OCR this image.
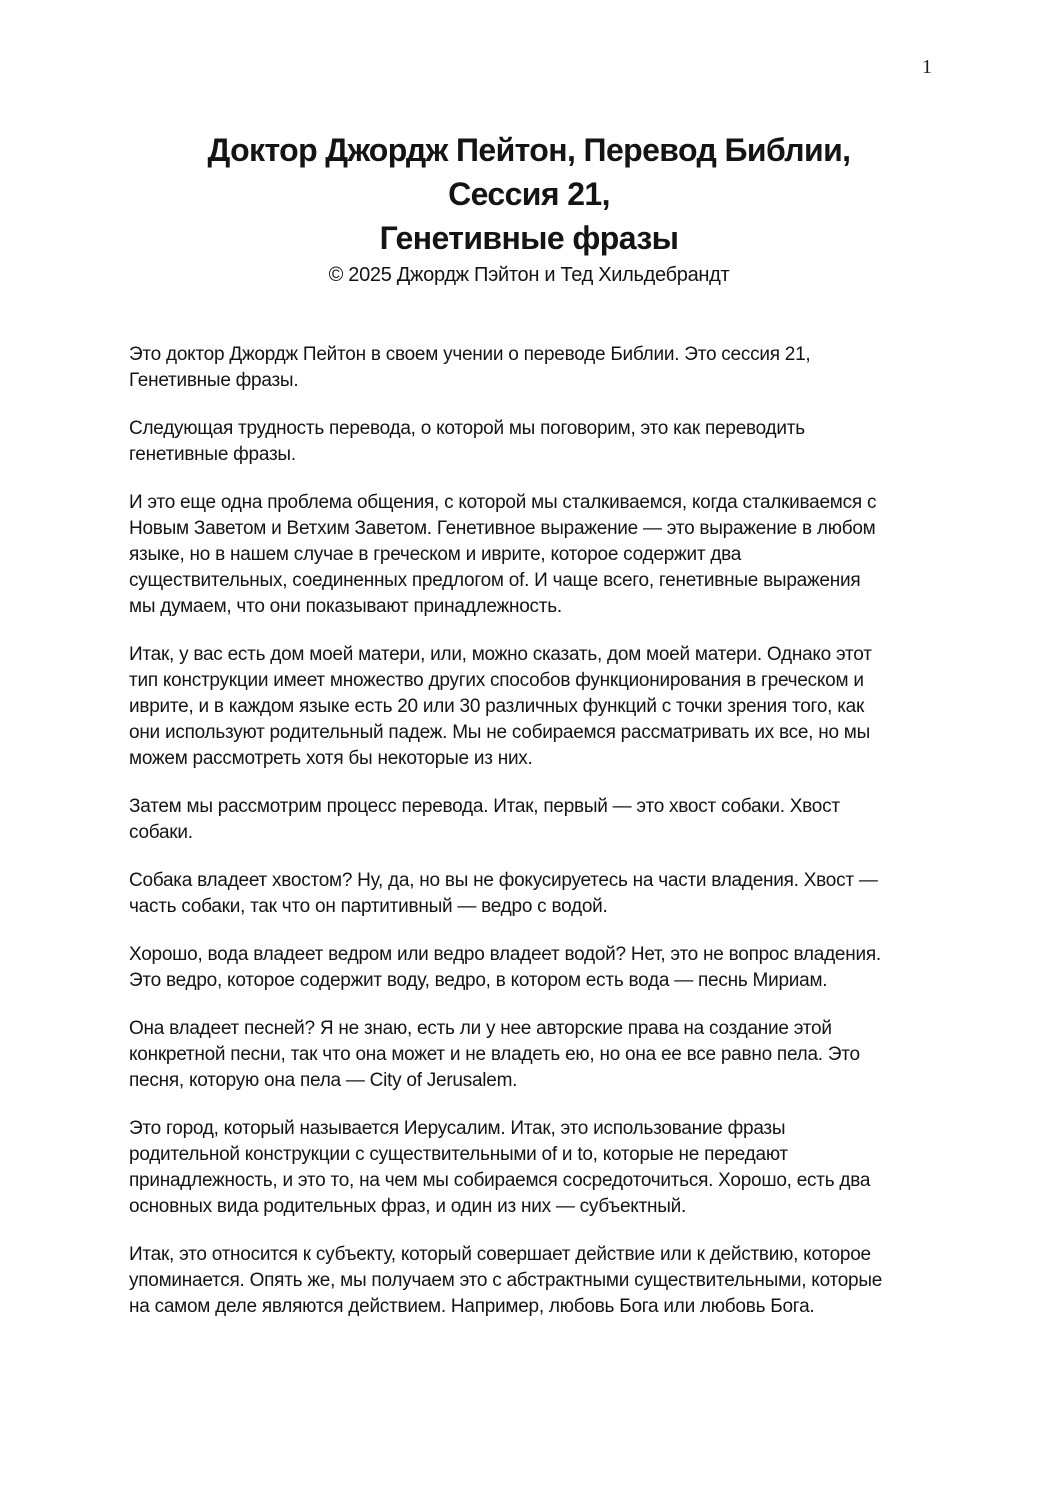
1
Доктор Джордж Пейтон, Перевод Библии,
Сессия 21,
Генетивные фразы
© 2025 Джордж Пэйтон и Тед Хильдебрандт
Это доктор Джордж Пейтон в своем учении о переводе Библии. Это сессия 21,
Генетивные фразы.
Следующая трудность перевода, о которой мы поговорим, это как переводить
генетивные фразы.
И это еще одна проблема общения, с которой мы сталкиваемся, когда сталкиваемся с
Новым Заветом и Ветхим Заветом. Генетивное выражение — это выражение в любом
языке, но в нашем случае в греческом и иврите, которое содержит два
существительных, соединенных предлогом of. И чаще всего, генетивные выражения
мы думаем, что они показывают принадлежность.
Итак, у вас есть дом моей матери, или, можно сказать, дом моей матери. Однако этот
тип конструкции имеет множество других способов функционирования в греческом и
иврите, и в каждом языке есть 20 или 30 различных функций с точки зрения того, как
они используют родительный падеж. Мы не собираемся рассматривать их все, но мы
можем рассмотреть хотя бы некоторые из них.
Затем мы рассмотрим процесс перевода. Итак, первый — это хвост собаки. Хвост
собаки.
Собака владеет хвостом? Ну, да, но вы не фокусируетесь на части владения. Хвост —
часть собаки, так что он партитивный — ведро с водой.
Хорошо, вода владеет ведром или ведро владеет водой? Нет, это не вопрос владения.
Это ведро, которое содержит воду, ведро, в котором есть вода — песнь Мириам.
Она владеет песней? Я не знаю, есть ли у нее авторские права на создание этой
конкретной песни, так что она может и не владеть ею, но она ее все равно пела. Это
песня, которую она пела — City of Jerusalem.
Это город, который называется Иерусалим. Итак, это использование фразы
родительной конструкции с существительными of и to, которые не передают
принадлежность, и это то, на чем мы собираемся сосредоточиться. Хорошо, есть два
основных вида родительных фраз, и один из них — субъектный.
Итак, это относится к субъекту, который совершает действие или к действию, которое
упоминается. Опять же, мы получаем это с абстрактными существительными, которые
на самом деле являются действием. Например, любовь Бога или любовь Бога.
